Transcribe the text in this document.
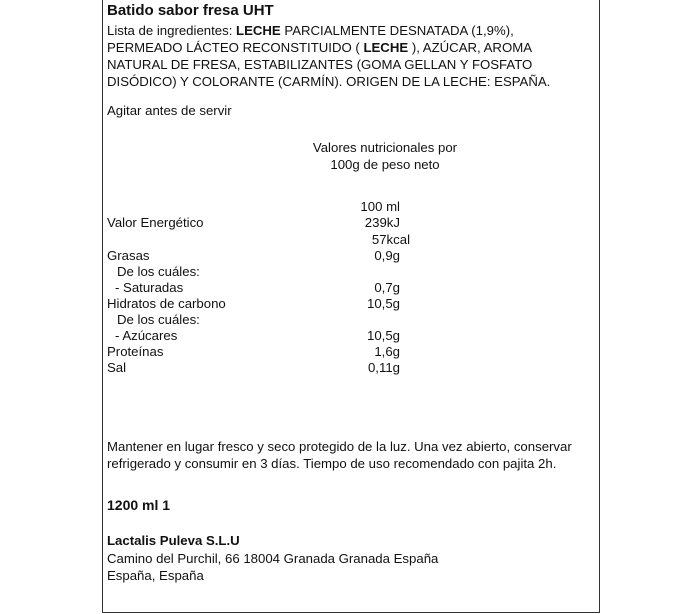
Batido sabor fresa UHT
Lista de ingredientes: LECHE PARCIALMENTE DESNATADA (1,9%), PERMEADO LÁCTEO RECONSTITUIDO ( LECHE ), AZÚCAR, AROMA NATURAL DE FRESA, ESTABILIZANTES (GOMA GELLAN Y FOSFATO DISÓDICO) Y COLORANTE (CARMÍN). ORIGEN DE LA LECHE: ESPAÑA.
Agitar antes de servir
Valores nutricionales por
100g de peso neto
100 ml
Valor Energético	239kJ
57kcal
Grasas	0,9g
De los cuáles:
- Saturadas	0,7g
Hidratos de carbono	10,5g
De los cuáles:
- Azúcares	10,5g
Proteínas	1,6g
Sal	0,11g
Mantener en lugar fresco y seco protegido de la luz. Una vez abierto, conservar refrigerado y consumir en 3 días. Tiempo de uso recomendado con pajita 2h.
1200 ml 1
Lactalis Puleva S.L.U
Camino del Purchil, 66 18004 Granada Granada España
España, España
